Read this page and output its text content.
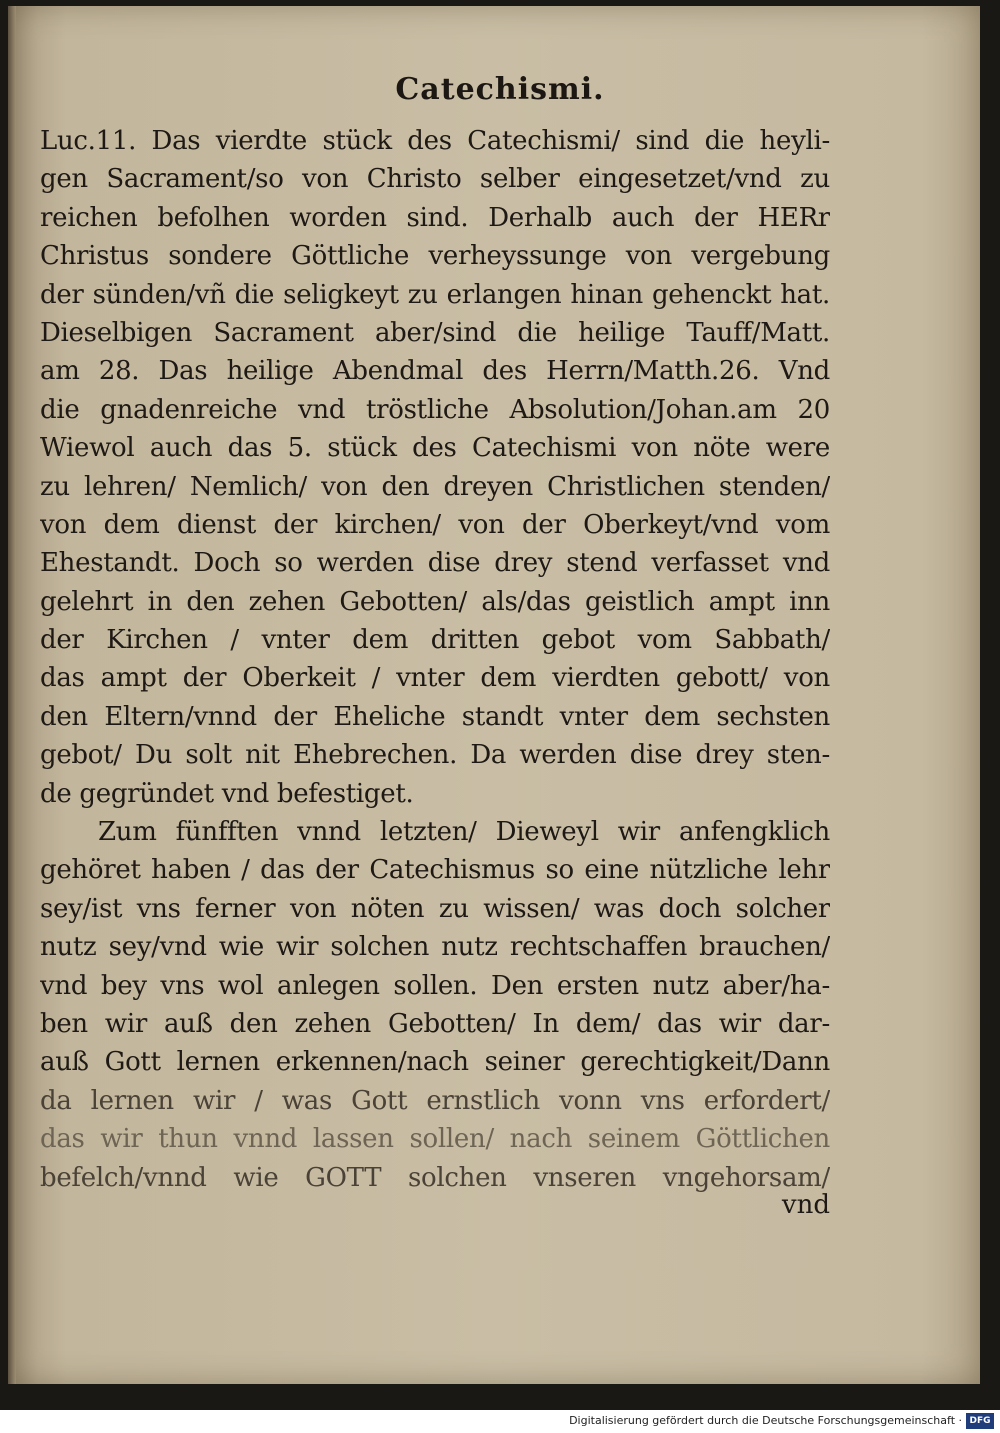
Catechismi.
Luc.11. Das vierdte stück des Catechismi/ sind die heyli-
gen Sacrament/so von Christo selber eingesetzet/vnd zu
reichen befolhen worden sind. Derhalb auch der HERr
Christus sondere Göttliche verheyssunge von vergebung
der sünden/vñ die seligkeyt zu erlangen hinan gehenckt hat.
Dieselbigen Sacrament aber/sind die heilige Tauff/Matt.
am 28. Das heilige Abendmal des Herrn/Matth.26. Vnd
die gnadenreiche vnd tröstliche Absolution/Johan.am 20
Wiewol auch das 5. stück des Catechismi von nöte were
zu lehren/ Nemlich/ von den dreyen Christlichen stenden/
von dem dienst der kirchen/ von der Oberkeyt/vnd vom
Ehestandt. Doch so werden dise drey stend verfasset vnd
gelehrt in den zehen Gebotten/ als/das geistlich ampt inn
der Kirchen / vnter dem dritten gebot vom Sabbath/
das ampt der Oberkeit / vnter dem vierdten gebott/ von
den Eltern/vnnd der Eheliche standt vnter dem sechsten
gebot/ Du solt nit Ehebrechen. Da werden dise drey sten-
de gegründet vnd befestiget.
Zum fünfften vnnd letzten/ Dieweyl wir anfengklich
gehöret haben / das der Catechismus so eine nützliche lehr
sey/ist vns ferner von nöten zu wissen/ was doch solcher
nutz sey/vnd wie wir solchen nutz rechtschaffen brauchen/
vnd bey vns wol anlegen sollen. Den ersten nutz aber/ha-
ben wir auß den zehen Gebotten/ In dem/ das wir dar-
auß Gott lernen erkennen/nach seiner gerechtigkeit/Dann
da lernen wir / was Gott ernstlich vonn vns erfordert/
das wir thun vnnd lassen sollen/ nach seinem Göttlichen
befelch/vnnd wie GOTT solchen vnseren vngehorsam/
vnd
Digitalisierung gefördert durch die Deutsche Forschungsgemeinschaft · DFG
